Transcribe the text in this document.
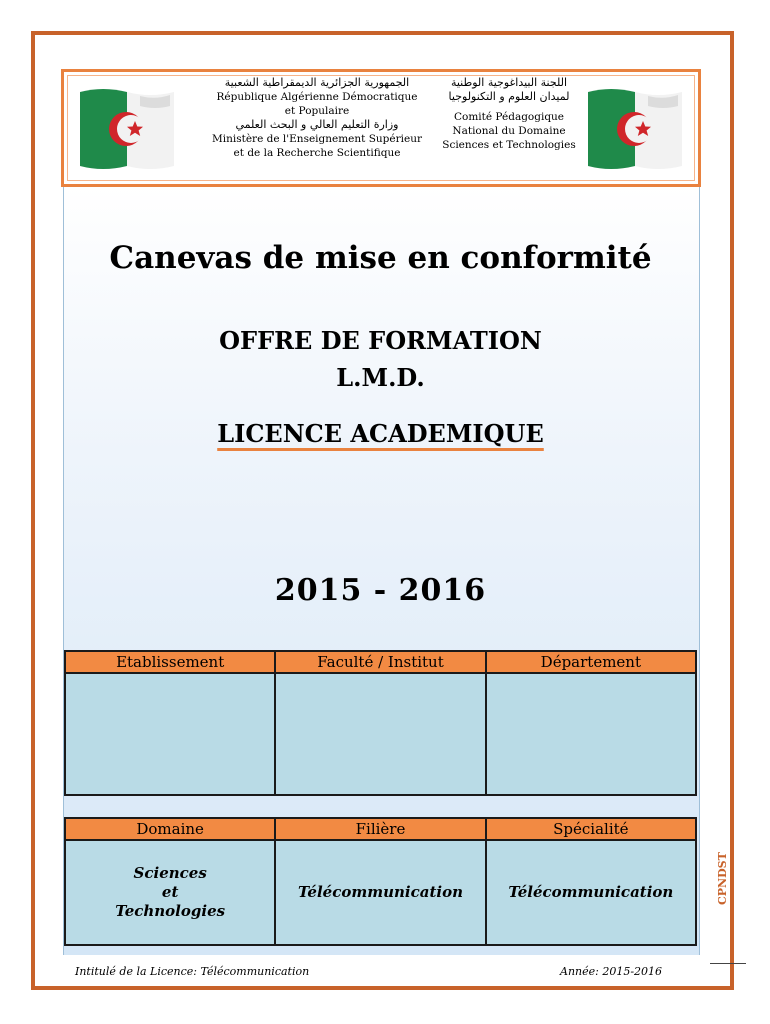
الجمهورية الجزائرية الديمقراطية الشعبية
République Algérienne Démocratique
et Populaire
وزارة التعليم العالي و البحث العلمي
Ministère de l'Enseignement Supérieur
et de la Recherche Scientifique
اللجنة البيداغوجية الوطنية
لميدان العلوم و التكنولوجيا
Comité Pédagogique
National du Domaine
Sciences et Technologies
Canevas de mise en conformité
OFFRE DE FORMATION
L.M.D.
LICENCE ACADEMIQUE
2015 - 2016
Etablissement	Faculté / Institut	Département

Domaine	Filière	Spécialité

Sciences
et
Technologies	Télécommunication	Télécommunication
Intitulé de la Licence: Télécommunication	Année: 2015-2016
CPNDST
